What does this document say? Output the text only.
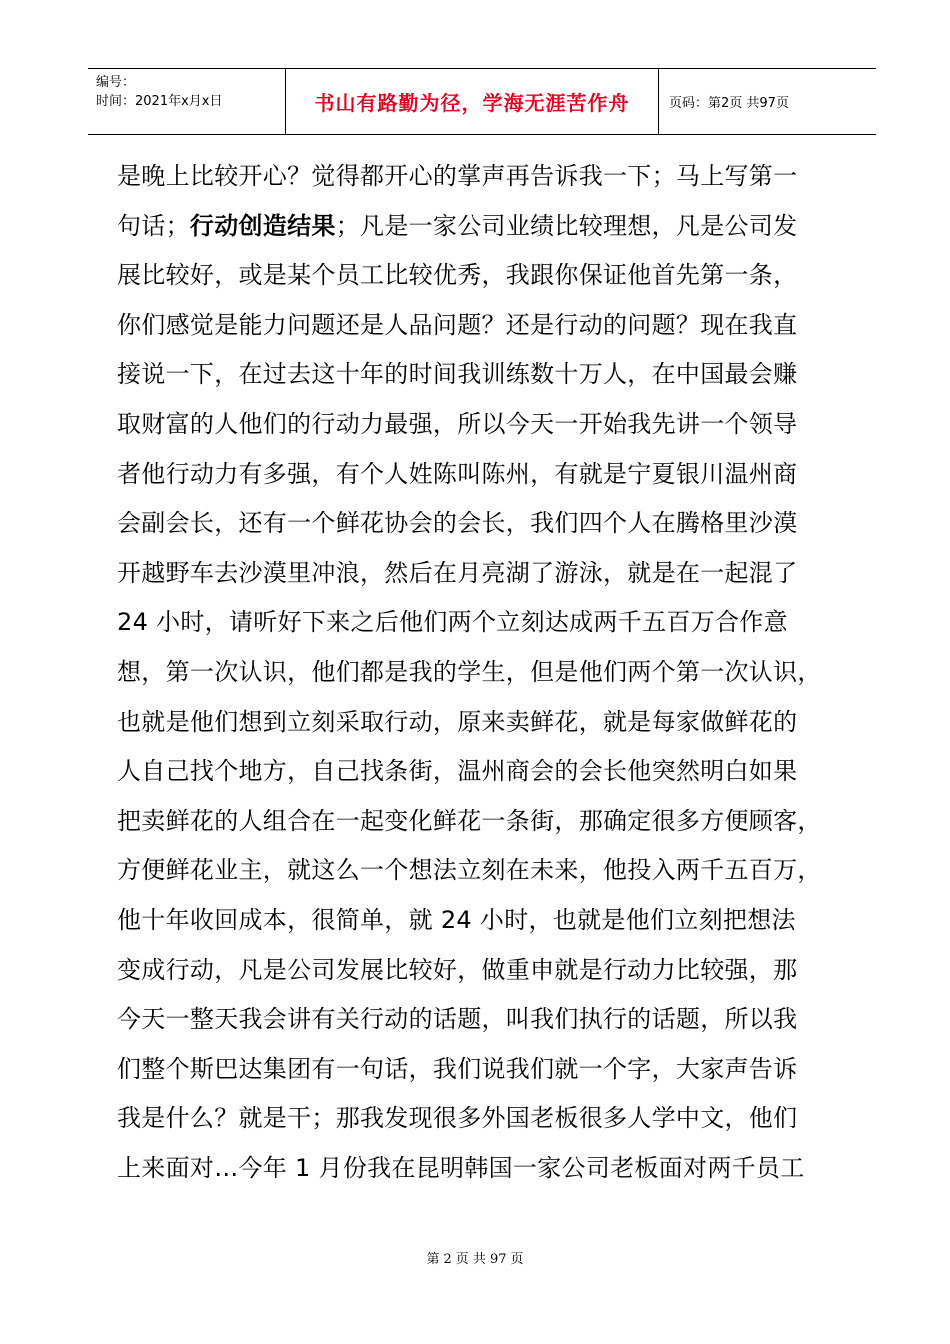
编号：
时间：2021年x月x日	书山有路勤为径，学海无涯苦作舟	页码：第2页 共97页

是晚上比较开心？觉得都开心的掌声再告诉我一下；马上写第一

句话；行动创造结果；凡是一家公司业绩比较理想，凡是公司发

展比较好，或是某个员工比较优秀，我跟你保证他首先第一条，

你们感觉是能力问题还是人品问题？还是行动的问题？现在我直

接说一下，在过去这十年的时间我训练数十万人，在中国最会赚

取财富的人他们的行动力最强，所以今天一开始我先讲一个领导

者他行动力有多强，有个人姓陈叫陈州，有就是宁夏银川温州商

会副会长，还有一个鲜花协会的会长，我们四个人在腾格里沙漠

开越野车去沙漠里冲浪，然后在月亮湖了游泳，就是在一起混了

24 小时，请听好下来之后他们两个立刻达成两千五百万合作意

想，第一次认识，他们都是我的学生，但是他们两个第一次认识，

也就是他们想到立刻采取行动，原来卖鲜花，就是每家做鲜花的

人自己找个地方，自己找条街，温州商会的会长他突然明白如果

把卖鲜花的人组合在一起变化鲜花一条街，那确定很多方便顾客，

方便鲜花业主，就这么一个想法立刻在未来，他投入两千五百万，

他十年收回成本，很简单，就 24 小时，也就是他们立刻把想法

变成行动，凡是公司发展比较好，做重申就是行动力比较强，那

今天一整天我会讲有关行动的话题，叫我们执行的话题，所以我

们整个斯巴达集团有一句话，我们说我们就一个字，大家声告诉

我是什么？就是干；那我发现很多外国老板很多人学中文，他们

上来面对…今年 1 月份我在昆明韩国一家公司老板面对两千员工

第 2 页 共 97 页
